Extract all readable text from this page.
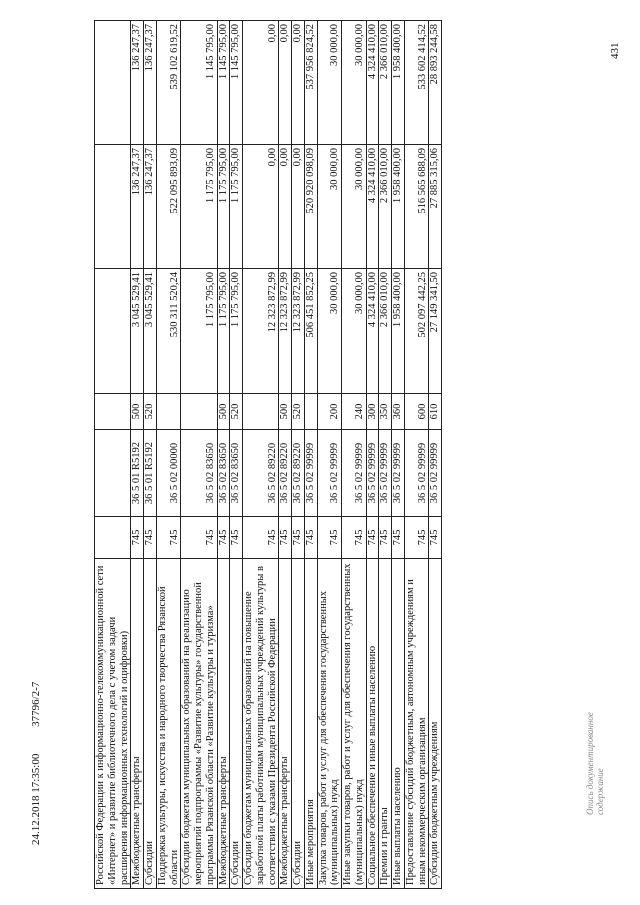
431
Российской Федерации к информационно-телекоммуникационной сети «Интернет» и развитие библиотечного дела с учетом задачи расширения информационных технологий и оцифровки)						
Межбюджетные трансферты	745	36 5 01 R5192	500	3 045 529,41	136 247,37	136 247,37
Субсидии	745	36 5 01 R5192	520	3 045 529,41	136 247,37	136 247,37
Поддержка культуры, искусства и народного творчества Рязанской области	745	36 5 02 00000		530 311 520,24	522 095 893,09	539 102 619,52
Субсидии бюджетам муниципальных образований на реализацию мероприятий подпрограммы «Развитие культуры» государственной программы Рязанской области «Развитие культуры и туризма»	745	36 5 02 83650		1 175 795,00	1 175 795,00	1 145 795,00
Межбюджетные трансферты	745	36 5 02 83650	500	1 175 795,00	1 175 795,00	1 145 795,00
Субсидии	745	36 5 02 83650	520	1 175 795,00	1 175 795,00	1 145 795,00
Субсидии бюджетам муниципальных образований на повышение заработной платы работникам муниципальных учреждений культуры в соответствии с указами Президента Российской Федерации	745	36 5 02 89220		12 323 872,99	0,00	0,00
Межбюджетные трансферты	745	36 5 02 89220	500	12 323 872,99	0,00	0,00
Субсидии	745	36 5 02 89220	520	12 323 872,99	0,00	0,00
Иные мероприятия	745	36 5 02 99999		506 451 852,25	520 920 098,09	537 956 824,52
Закупка товаров, работ и услуг для обеспечения государственных (муниципальных) нужд	745	36 5 02 99999	200	30 000,00	30 000,00	30 000,00
Иные закупки товаров, работ и услуг для обеспечения государственных (муниципальных) нужд	745	36 5 02 99999	240	30 000,00	30 000,00	30 000,00
Социальное обеспечение и иные выплаты населению	745	36 5 02 99999	300	4 324 410,00	4 324 410,00	4 324 410,00
Премии и гранты	745	36 5 02 99999	350	2 366 010,00	2 366 010,00	2 366 010,00
Иные выплаты населению	745	36 5 02 99999	360	1 958 400,00	1 958 400,00	1 958 400,00
Предоставление субсидий бюджетным, автономным учреждениям и иным некоммерческим организациям	745	36 5 02 99999	600	502 097 442,25	516 565 688,09	533 602 414,52
Субсидии бюджетным учреждениям	745	36 5 02 99999	610	27 149 341,50	27 885 315,06	28 893 244,58
Опись документированное содержание
24.12.2018 17:35:00 37796/2-7
